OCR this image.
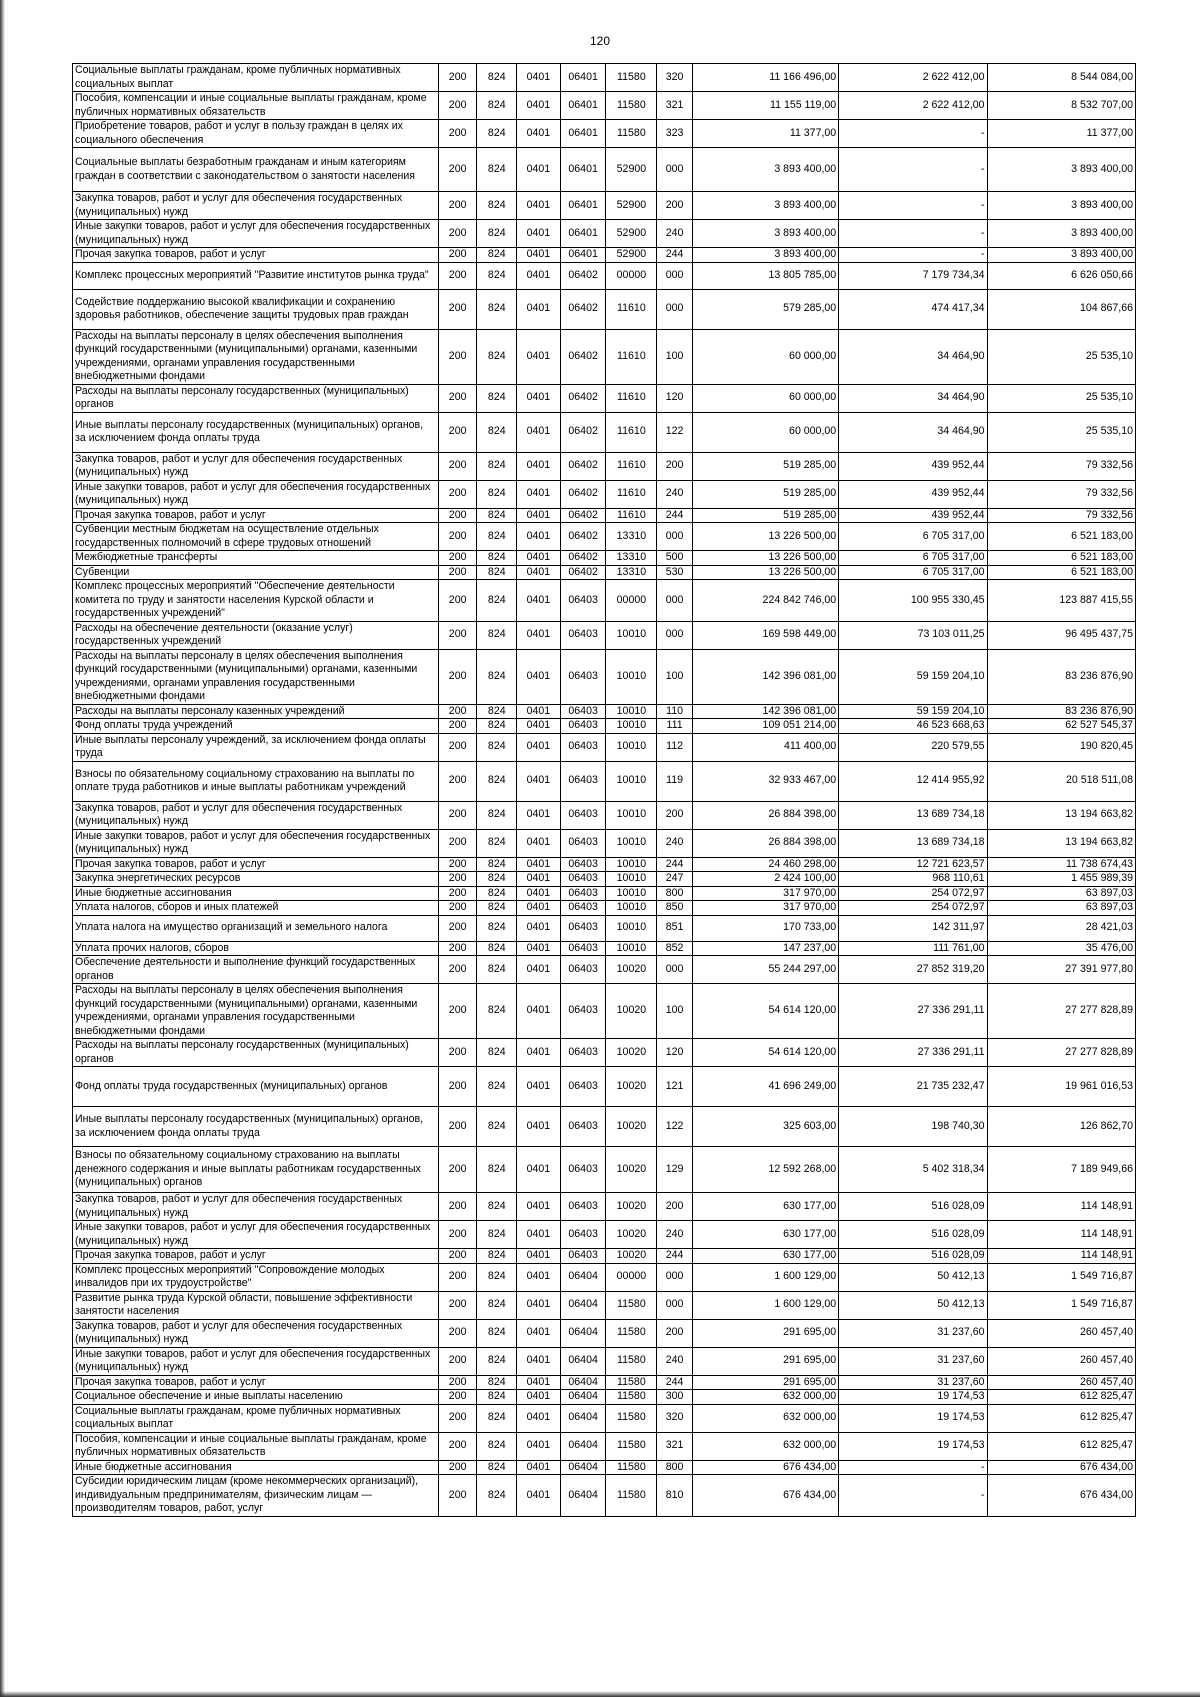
120
Социальные выплаты гражданам, кроме публичных нормативных социальных выплат	200	824	0401	06401	11580	320	11 166 496,00	2 622 412,00	8 544 084,00
Пособия, компенсации и иные социальные выплаты гражданам, кроме публичных нормативных обязательств	200	824	0401	06401	11580	321	11 155 119,00	2 622 412,00	8 532 707,00
Приобретение товаров, работ и услуг в пользу граждан в целях их социального обеспечения	200	824	0401	06401	11580	323	11 377,00	-	11 377,00
Социальные выплаты безработным гражданам и иным категориям граждан в соответствии с законодательством о занятости населения	200	824	0401	06401	52900	000	3 893 400,00	-	3 893 400,00
Закупка товаров, работ и услуг для обеспечения государственных (муниципальных) нужд	200	824	0401	06401	52900	200	3 893 400,00	-	3 893 400,00
Иные закупки товаров, работ и услуг для обеспечения государственных (муниципальных) нужд	200	824	0401	06401	52900	240	3 893 400,00	-	3 893 400,00
Прочая закупка товаров, работ и услуг	200	824	0401	06401	52900	244	3 893 400,00	-	3 893 400,00
Комплекс процессных мероприятий "Развитие институтов рынка труда"	200	824	0401	06402	00000	000	13 805 785,00	7 179 734,34	6 626 050,66
Содействие поддержанию высокой квалификации и сохранению здоровья работников, обеспечение защиты трудовых прав граждан	200	824	0401	06402	11610	000	579 285,00	474 417,34	104 867,66
Расходы на выплаты персоналу в целях обеспечения выполнения функций государственными (муниципальными) органами, казенными учреждениями, органами управления государственными внебюджетными фондами	200	824	0401	06402	11610	100	60 000,00	34 464,90	25 535,10
Расходы на выплаты персоналу государственных (муниципальных) органов	200	824	0401	06402	11610	120	60 000,00	34 464,90	25 535,10
Иные выплаты персоналу государственных (муниципальных) органов, за исключением фонда оплаты труда	200	824	0401	06402	11610	122	60 000,00	34 464,90	25 535,10
Закупка товаров, работ и услуг для обеспечения государственных (муниципальных) нужд	200	824	0401	06402	11610	200	519 285,00	439 952,44	79 332,56
Иные закупки товаров, работ и услуг для обеспечения государственных (муниципальных) нужд	200	824	0401	06402	11610	240	519 285,00	439 952,44	79 332,56
Прочая закупка товаров, работ и услуг	200	824	0401	06402	11610	244	519 285,00	439 952,44	79 332,56
Субвенции местным бюджетам на осуществление отдельных государственных полномочий в сфере трудовых отношений	200	824	0401	06402	13310	000	13 226 500,00	6 705 317,00	6 521 183,00
Межбюджетные трансферты	200	824	0401	06402	13310	500	13 226 500,00	6 705 317,00	6 521 183,00
Субвенции	200	824	0401	06402	13310	530	13 226 500,00	6 705 317,00	6 521 183,00
Комплекс процессных мероприятий "Обеспечение деятельности комитета по труду и занятости населения Курской области и государственных учреждений"	200	824	0401	06403	00000	000	224 842 746,00	100 955 330,45	123 887 415,55
Расходы на обеспечение деятельности (оказание услуг) государственных учреждений	200	824	0401	06403	10010	000	169 598 449,00	73 103 011,25	96 495 437,75
Расходы на выплаты персоналу в целях обеспечения выполнения функций государственными (муниципальными) органами, казенными учреждениями, органами управления государственными внебюджетными фондами	200	824	0401	06403	10010	100	142 396 081,00	59 159 204,10	83 236 876,90
Расходы на выплаты персоналу казенных учреждений	200	824	0401	06403	10010	110	142 396 081,00	59 159 204,10	83 236 876,90
Фонд оплаты труда учреждений	200	824	0401	06403	10010	111	109 051 214,00	46 523 668,63	62 527 545,37
Иные выплаты персоналу учреждений, за исключением фонда оплаты труда	200	824	0401	06403	10010	112	411 400,00	220 579,55	190 820,45
Взносы по обязательному социальному страхованию на выплаты по оплате труда работников и иные выплаты работникам учреждений	200	824	0401	06403	10010	119	32 933 467,00	12 414 955,92	20 518 511,08
Закупка товаров, работ и услуг для обеспечения государственных (муниципальных) нужд	200	824	0401	06403	10010	200	26 884 398,00	13 689 734,18	13 194 663,82
Иные закупки товаров, работ и услуг для обеспечения государственных (муниципальных) нужд	200	824	0401	06403	10010	240	26 884 398,00	13 689 734,18	13 194 663,82
Прочая закупка товаров, работ и услуг	200	824	0401	06403	10010	244	24 460 298,00	12 721 623,57	11 738 674,43
Закупка энергетических ресурсов	200	824	0401	06403	10010	247	2 424 100,00	968 110,61	1 455 989,39
Иные бюджетные ассигнования	200	824	0401	06403	10010	800	317 970,00	254 072,97	63 897,03
Уплата налогов, сборов и иных платежей	200	824	0401	06403	10010	850	317 970,00	254 072,97	63 897,03
Уплата налога на имущество организаций и земельного налога	200	824	0401	06403	10010	851	170 733,00	142 311,97	28 421,03
Уплата прочих налогов, сборов	200	824	0401	06403	10010	852	147 237,00	111 761,00	35 476,00
Обеспечение деятельности и выполнение функций государственных органов	200	824	0401	06403	10020	000	55 244 297,00	27 852 319,20	27 391 977,80
Расходы на выплаты персоналу в целях обеспечения выполнения функций государственными (муниципальными) органами, казенными учреждениями, органами управления государственными внебюджетными фондами	200	824	0401	06403	10020	100	54 614 120,00	27 336 291,11	27 277 828,89
Расходы на выплаты персоналу государственных (муниципальных) органов	200	824	0401	06403	10020	120	54 614 120,00	27 336 291,11	27 277 828,89
Фонд оплаты труда государственных (муниципальных) органов	200	824	0401	06403	10020	121	41 696 249,00	21 735 232,47	19 961 016,53
Иные выплаты персоналу государственных (муниципальных) органов, за исключением фонда оплаты труда	200	824	0401	06403	10020	122	325 603,00	198 740,30	126 862,70
Взносы по обязательному социальному страхованию на выплаты денежного содержания и иные выплаты работникам государственных (муниципальных) органов	200	824	0401	06403	10020	129	12 592 268,00	5 402 318,34	7 189 949,66
Закупка товаров, работ и услуг для обеспечения государственных (муниципальных) нужд	200	824	0401	06403	10020	200	630 177,00	516 028,09	114 148,91
Иные закупки товаров, работ и услуг для обеспечения государственных (муниципальных) нужд	200	824	0401	06403	10020	240	630 177,00	516 028,09	114 148,91
Прочая закупка товаров, работ и услуг	200	824	0401	06403	10020	244	630 177,00	516 028,09	114 148,91
Комплекс процессных мероприятий "Сопровождение молодых инвалидов при их трудоустройстве"	200	824	0401	06404	00000	000	1 600 129,00	50 412,13	1 549 716,87
Развитие рынка труда Курской области, повышение эффективности занятости населения	200	824	0401	06404	11580	000	1 600 129,00	50 412,13	1 549 716,87
Закупка товаров, работ и услуг для обеспечения государственных (муниципальных) нужд	200	824	0401	06404	11580	200	291 695,00	31 237,60	260 457,40
Иные закупки товаров, работ и услуг для обеспечения государственных (муниципальных) нужд	200	824	0401	06404	11580	240	291 695,00	31 237,60	260 457,40
Прочая закупка товаров, работ и услуг	200	824	0401	06404	11580	244	291 695,00	31 237,60	260 457,40
Социальное обеспечение и иные выплаты населению	200	824	0401	06404	11580	300	632 000,00	19 174,53	612 825,47
Социальные выплаты гражданам, кроме публичных нормативных социальных выплат	200	824	0401	06404	11580	320	632 000,00	19 174,53	612 825,47
Пособия, компенсации и иные социальные выплаты гражданам, кроме публичных нормативных обязательств	200	824	0401	06404	11580	321	632 000,00	19 174,53	612 825,47
Иные бюджетные ассигнования	200	824	0401	06404	11580	800	676 434,00	-	676 434,00
Субсидии юридическим лицам (кроме некоммерческих организаций), индивидуальным предпринимателям, физическим лицам — производителям товаров, работ, услуг	200	824	0401	06404	11580	810	676 434,00	-	676 434,00
